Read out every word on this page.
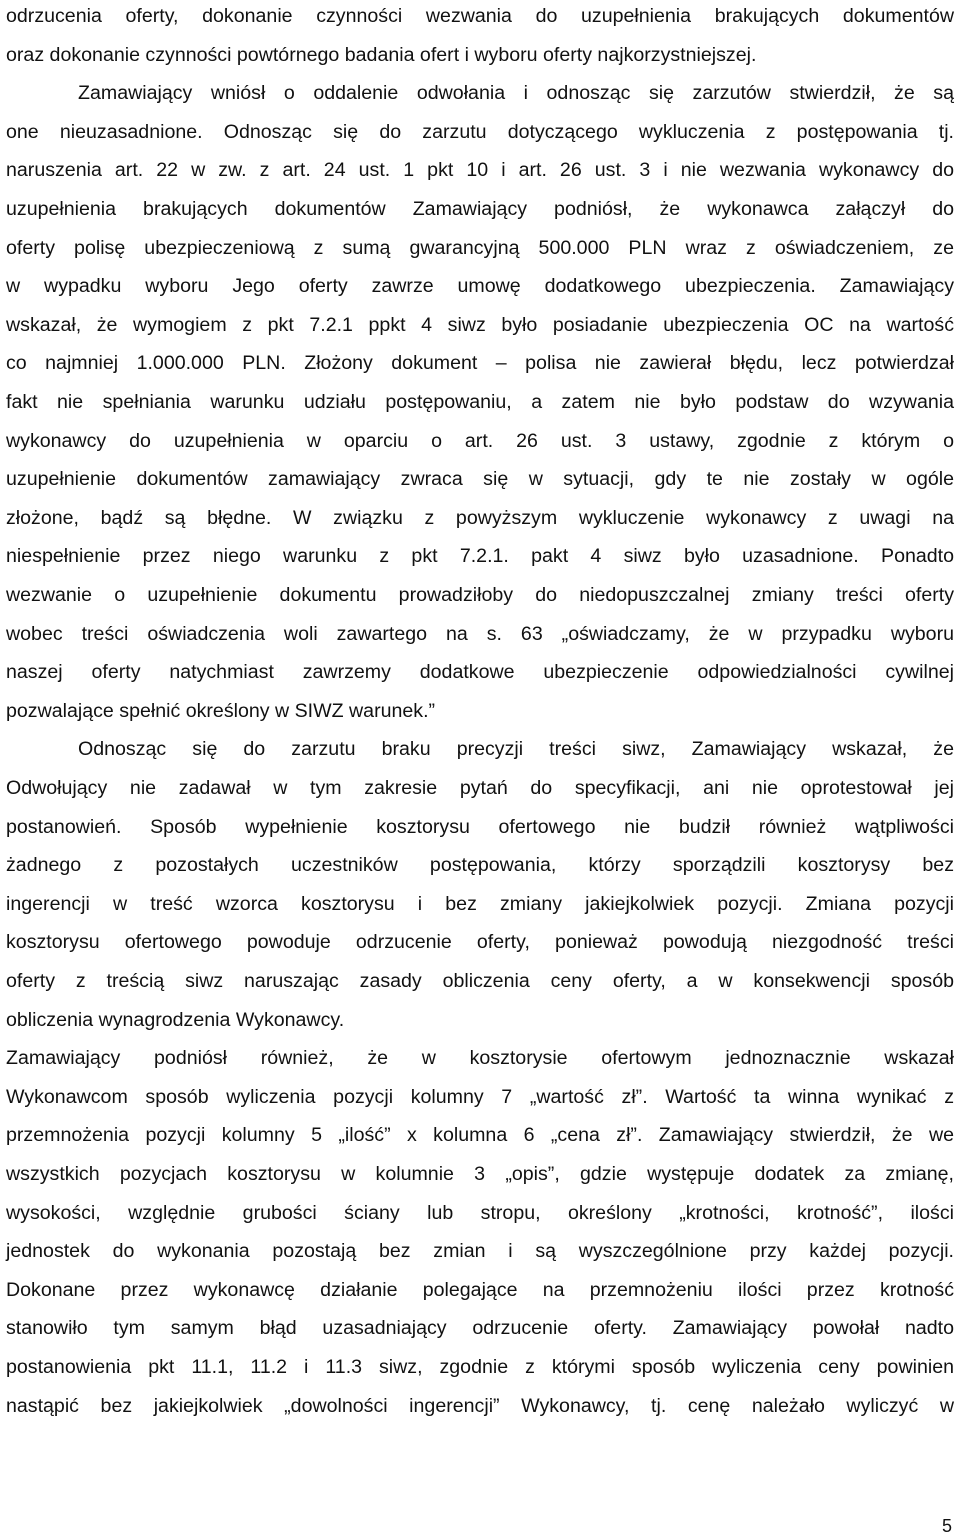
odrzucenia oferty, dokonanie czynności wezwania do uzupełnienia brakujących dokumentów
oraz dokonanie czynności powtórnego badania ofert i wyboru oferty najkorzystniejszej.
Zamawiający wniósł o oddalenie odwołania i odnosząc się zarzutów stwierdził, że są
one nieuzasadnione. Odnosząc się do zarzutu dotyczącego wykluczenia z postępowania tj.
naruszenia art. 22 w zw. z art. 24 ust. 1 pkt 10 i art. 26 ust. 3 i nie wezwania wykonawcy do
uzupełnienia brakujących dokumentów Zamawiający podniósł, że wykonawca załączył do
oferty polisę ubezpieczeniową z sumą gwarancyjną 500.000 PLN wraz z oświadczeniem, ze
w wypadku wyboru Jego oferty zawrze umowę dodatkowego ubezpieczenia. Zamawiający
wskazał, że wymogiem z pkt 7.2.1 ppkt 4 siwz było posiadanie ubezpieczenia OC na wartość
co najmniej 1.000.000 PLN. Złożony dokument – polisa nie zawierał błędu, lecz potwierdzał
fakt nie spełniania warunku udziału postępowaniu, a zatem nie było podstaw do wzywania
wykonawcy do uzupełnienia w oparciu o art. 26 ust. 3 ustawy, zgodnie z którym o
uzupełnienie dokumentów zamawiający zwraca się w sytuacji, gdy te nie zostały w ogóle
złożone, bądź są błędne. W związku z powyższym wykluczenie wykonawcy z uwagi na
niespełnienie przez niego warunku z pkt 7.2.1. pakt 4 siwz było uzasadnione. Ponadto
wezwanie o uzupełnienie dokumentu prowadziłoby do niedopuszczalnej zmiany treści oferty
wobec treści oświadczenia woli zawartego na s. 63 „oświadczamy, że w przypadku wyboru
naszej oferty natychmiast zawrzemy dodatkowe ubezpieczenie odpowiedzialności cywilnej
pozwalające spełnić określony w SIWZ warunek.”
Odnosząc się do zarzutu braku precyzji treści siwz, Zamawiający wskazał, że
Odwołujący nie zadawał w tym zakresie pytań do specyfikacji, ani nie oprotestował jej
postanowień. Sposób wypełnienie kosztorysu ofertowego nie budził również wątpliwości
żadnego z pozostałych uczestników postępowania, którzy sporządzili kosztorysy bez
ingerencji w treść wzorca kosztorysu i bez zmiany jakiejkolwiek pozycji. Zmiana pozycji
kosztorysu ofertowego powoduje odrzucenie oferty, ponieważ powodują niezgodność treści
oferty z treścią siwz naruszając zasady obliczenia ceny oferty, a w konsekwencji sposób
obliczenia wynagrodzenia Wykonawcy.
Zamawiający podniósł również, że w kosztorysie ofertowym jednoznacznie wskazał
Wykonawcom sposób wyliczenia pozycji kolumny 7 „wartość zł”. Wartość ta winna wynikać z
przemnożenia pozycji kolumny 5 „ilość” x kolumna 6 „cena zł”. Zamawiający stwierdził, że we
wszystkich pozycjach kosztorysu w kolumnie 3 „opis”, gdzie występuje dodatek za zmianę,
wysokości, względnie grubości ściany lub stropu, określony „krotności, krotność”, ilości
jednostek do wykonania pozostają bez zmian i są wyszczególnione przy każdej pozycji.
Dokonane przez wykonawcę działanie polegające na przemnożeniu ilości przez krotność
stanowiło tym samym błąd uzasadniający odrzucenie oferty. Zamawiający powołał nadto
postanowienia pkt 11.1, 11.2 i 11.3 siwz, zgodnie z którymi sposób wyliczenia ceny powinien
nastąpić bez jakiejkolwiek „dowolności ingerencji” Wykonawcy, tj. cenę należało wyliczyć w
5
